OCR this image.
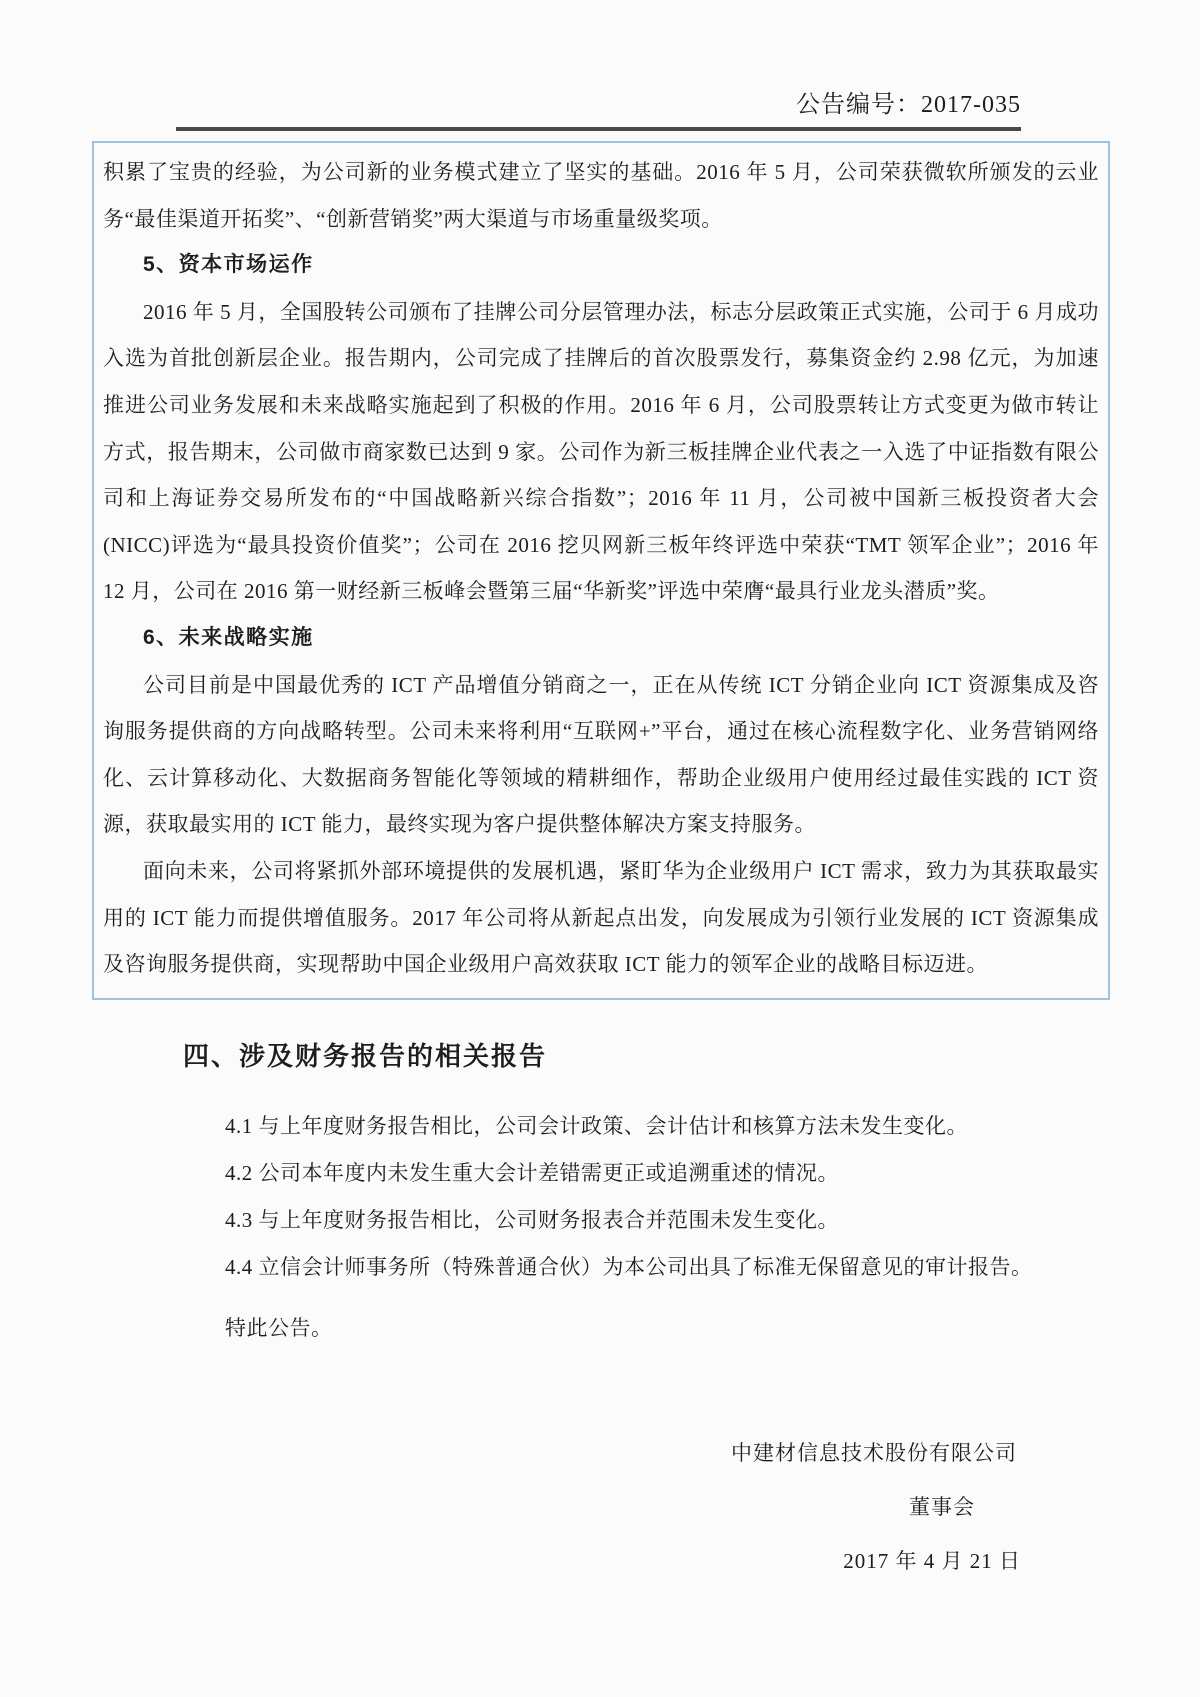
公告编号：2017-035

积累了宝贵的经验，为公司新的业务模式建立了坚实的基础。2016 年 5 月，公司荣获微软所颁发的云业务“最佳渠道开拓奖”、“创新营销奖”两大渠道与市场重量级奖项。

5、资本市场运作

2016 年 5 月，全国股转公司颁布了挂牌公司分层管理办法，标志分层政策正式实施，公司于 6 月成功入选为首批创新层企业。报告期内，公司完成了挂牌后的首次股票发行，募集资金约 2.98 亿元，为加速推进公司业务发展和未来战略实施起到了积极的作用。2016 年 6 月，公司股票转让方式变更为做市转让方式，报告期末，公司做市商家数已达到 9 家。公司作为新三板挂牌企业代表之一入选了中证指数有限公司和上海证券交易所发布的“中国战略新兴综合指数”；2016 年 11 月，公司被中国新三板投资者大会(NICC)评选为“最具投资价值奖”；公司在 2016 挖贝网新三板年终评选中荣获“TMT 领军企业”；2016 年 12 月，公司在 2016 第一财经新三板峰会暨第三届“华新奖”评选中荣膺“最具行业龙头潜质”奖。

6、未来战略实施

公司目前是中国最优秀的 ICT 产品增值分销商之一，正在从传统 ICT 分销企业向 ICT 资源集成及咨询服务提供商的方向战略转型。公司未来将利用“互联网+”平台，通过在核心流程数字化、业务营销网络化、云计算移动化、大数据商务智能化等领域的精耕细作，帮助企业级用户使用经过最佳实践的 ICT 资源，获取最实用的 ICT 能力，最终实现为客户提供整体解决方案支持服务。

面向未来，公司将紧抓外部环境提供的发展机遇，紧盯华为企业级用户 ICT 需求，致力为其获取最实用的 ICT 能力而提供增值服务。2017 年公司将从新起点出发，向发展成为引领行业发展的 ICT 资源集成及咨询服务提供商，实现帮助中国企业级用户高效获取 ICT 能力的领军企业的战略目标迈进。

四、涉及财务报告的相关报告

4.1 与上年度财务报告相比，公司会计政策、会计估计和核算方法未发生变化。

4.2 公司本年度内未发生重大会计差错需更正或追溯重述的情况。

4.3 与上年度财务报告相比，公司财务报表合并范围未发生变化。

4.4 立信会计师事务所（特殊普通合伙）为本公司出具了标准无保留意见的审计报告。

特此公告。

中建材信息技术股份有限公司
董事会
2017 年 4 月 21 日
